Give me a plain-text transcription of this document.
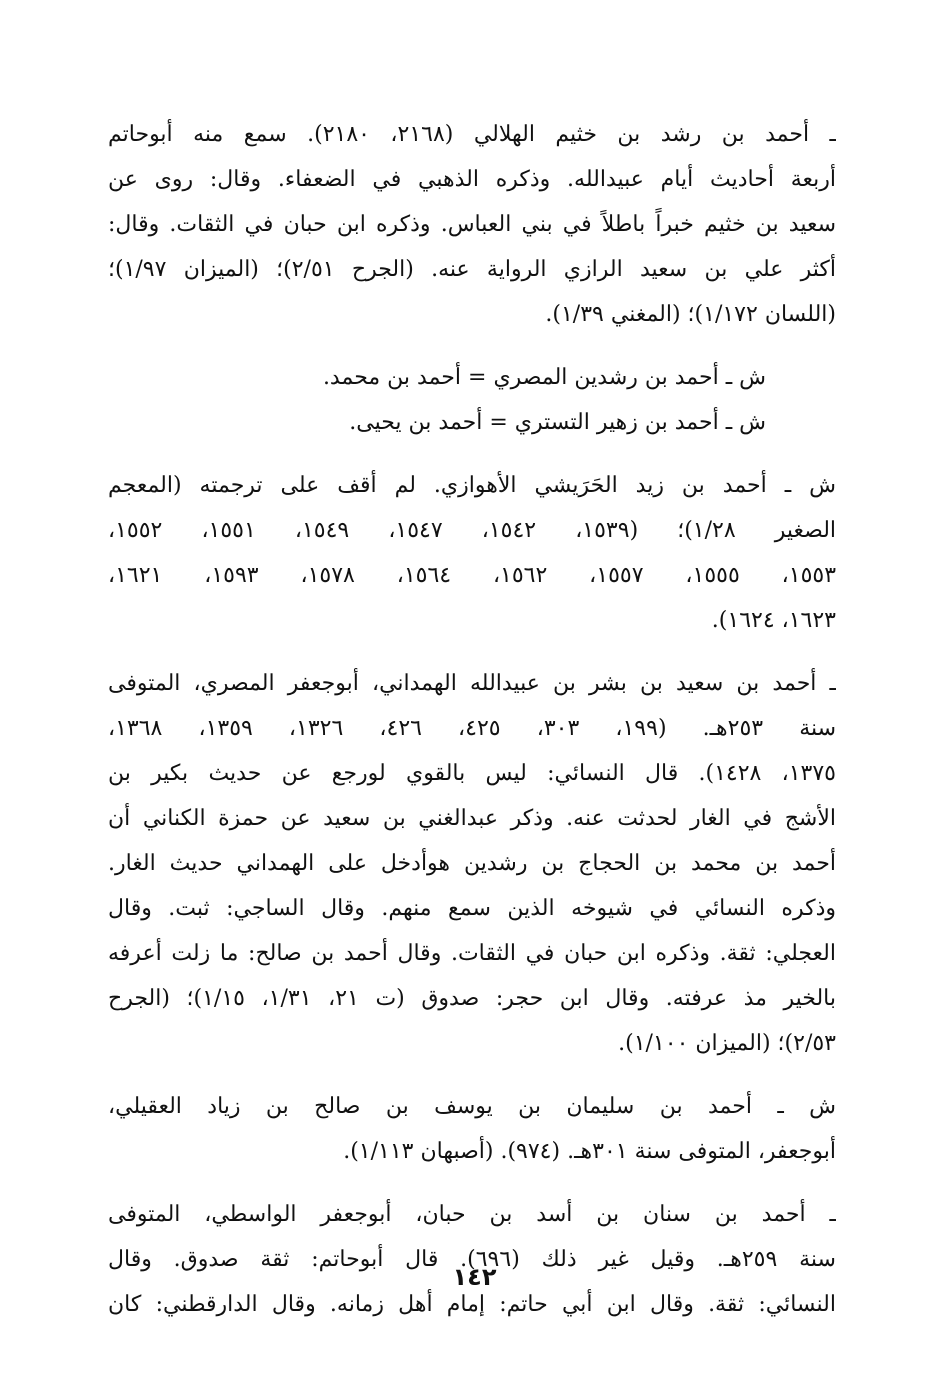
ـ أحمد بن رشد بن خثيم الهلالي (٢١٦٨، ٢١٨٠). سمع منه أبوحاتم
أربعة أحاديث أيام عبيدالله. وذكره الذهبي في الضعفاء. وقال: روى عن
سعيد بن خثيم خبراً باطلاً في بني العباس. وذكره ابن حبان في الثقات. وقال:
أكثر علي بن سعيد الرازي الرواية عنه. (الجرح ٢/٥١)؛ (الميزان ١/٩٧)؛
(اللسان ١/١٧٢)؛ (المغني ١/٣٩).
ش ـ أحمد بن رشدين المصري = أحمد بن محمد.
ش ـ أحمد بن زهير التستري = أحمد بن يحيى.
ش ـ أحمد بن زيد الحَرَيشي الأهوازي. لم أقف على ترجمته (المعجم
الصغير ١/٢٨)؛ (١٥٣٩، ١٥٤٢، ١٥٤٧، ١٥٤٩، ١٥٥١، ١٥٥٢،
١٥٥٣، ١٥٥٥، ١٥٥٧، ١٥٦٢، ١٥٦٤، ١٥٧٨، ١٥٩٣، ١٦٢١،
١٦٢٣، ١٦٢٤).
ـ أحمد بن سعيد بن بشر بن عبيدالله الهمداني، أبوجعفر المصري، المتوفى
سنة ٢٥٣هـ. (١٩٩، ٣٠٣، ٤٢٥، ٤٢٦، ١٣٢٦، ١٣٥٩، ١٣٦٨،
١٣٧٥، ١٤٢٨). قال النسائي: ليس بالقوي لورجع عن حديث بكير بن
الأشج في الغار لحدثت عنه. وذكر عبدالغني بن سعيد عن حمزة الكناني أن
أحمد بن محمد بن الحجاج بن رشدين هوأدخل على الهمداني حديث الغار.
وذكره النسائي في شيوخه الذين سمع منهم. وقال الساجي: ثبت. وقال
العجلي: ثقة. وذكره ابن حبان في الثقات. وقال أحمد بن صالح: ما زلت أعرفه
بالخير مذ عرفته. وقال ابن حجر: صدوق (ت ٢١، ١/٣١، ١/١٥)؛ (الجرح
٢/٥٣)؛ (الميزان ١/١٠٠).
ش ـ أحمد بن سليمان بن يوسف بن صالح بن زياد العقيلي،
أبوجعفر، المتوفى سنة ٣٠١هـ. (٩٧٤). (أصبهان ١/١١٣).
ـ أحمد بن سنان بن أسد بن حبان، أبوجعفر الواسطي، المتوفى
سنة ٢٥٩هـ. وقيل غير ذلك (٦٩٦). قال أبوحاتم: ثقة صدوق. وقال
النسائي: ثقة. وقال ابن أبي حاتم: إمام أهل زمانه. وقال الدارقطني: كان
١٤٢
